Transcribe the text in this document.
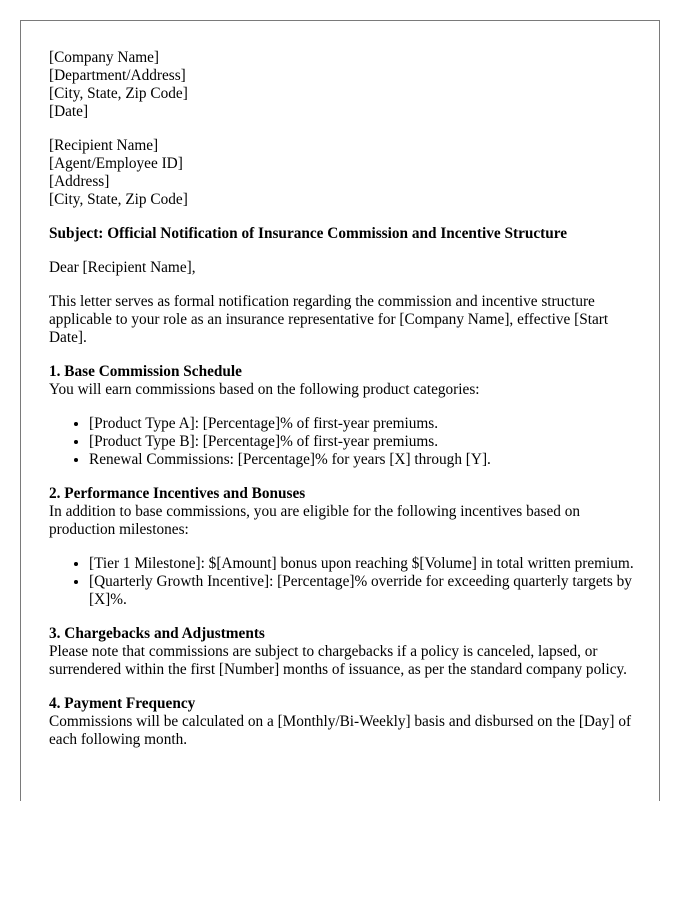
[Company Name]
[Department/Address]
[City, State, Zip Code]
[Date]
[Recipient Name]
[Agent/Employee ID]
[Address]
[City, State, Zip Code]
Subject: Official Notification of Insurance Commission and Incentive Structure

Dear [Recipient Name],

This letter serves as formal notification regarding the commission and incentive structure applicable to your role as an insurance representative for [Company Name], effective [Start Date].

1. Base Commission Schedule
You will earn commissions based on the following product categories:
• [Product Type A]: [Percentage]% of first-year premiums.
• [Product Type B]: [Percentage]% of first-year premiums.
• Renewal Commissions: [Percentage]% for years [X] through [Y].
2. Performance Incentives and Bonuses
In addition to base commissions, you are eligible for the following incentives based on production milestones:
• [Tier 1 Milestone]: $[Amount] bonus upon reaching $[Volume] in total written premium.
• [Quarterly Growth Incentive]: [Percentage]% override for exceeding quarterly targets by [X]%.
3. Chargebacks and Adjustments
Please note that commissions are subject to chargebacks if a policy is canceled, lapsed, or surrendered within the first [Number] months of issuance, as per the standard company policy.
4. Payment Frequency
Commissions will be calculated on a [Monthly/Bi-Weekly] basis and disbursed on the [Day] of each following month.
